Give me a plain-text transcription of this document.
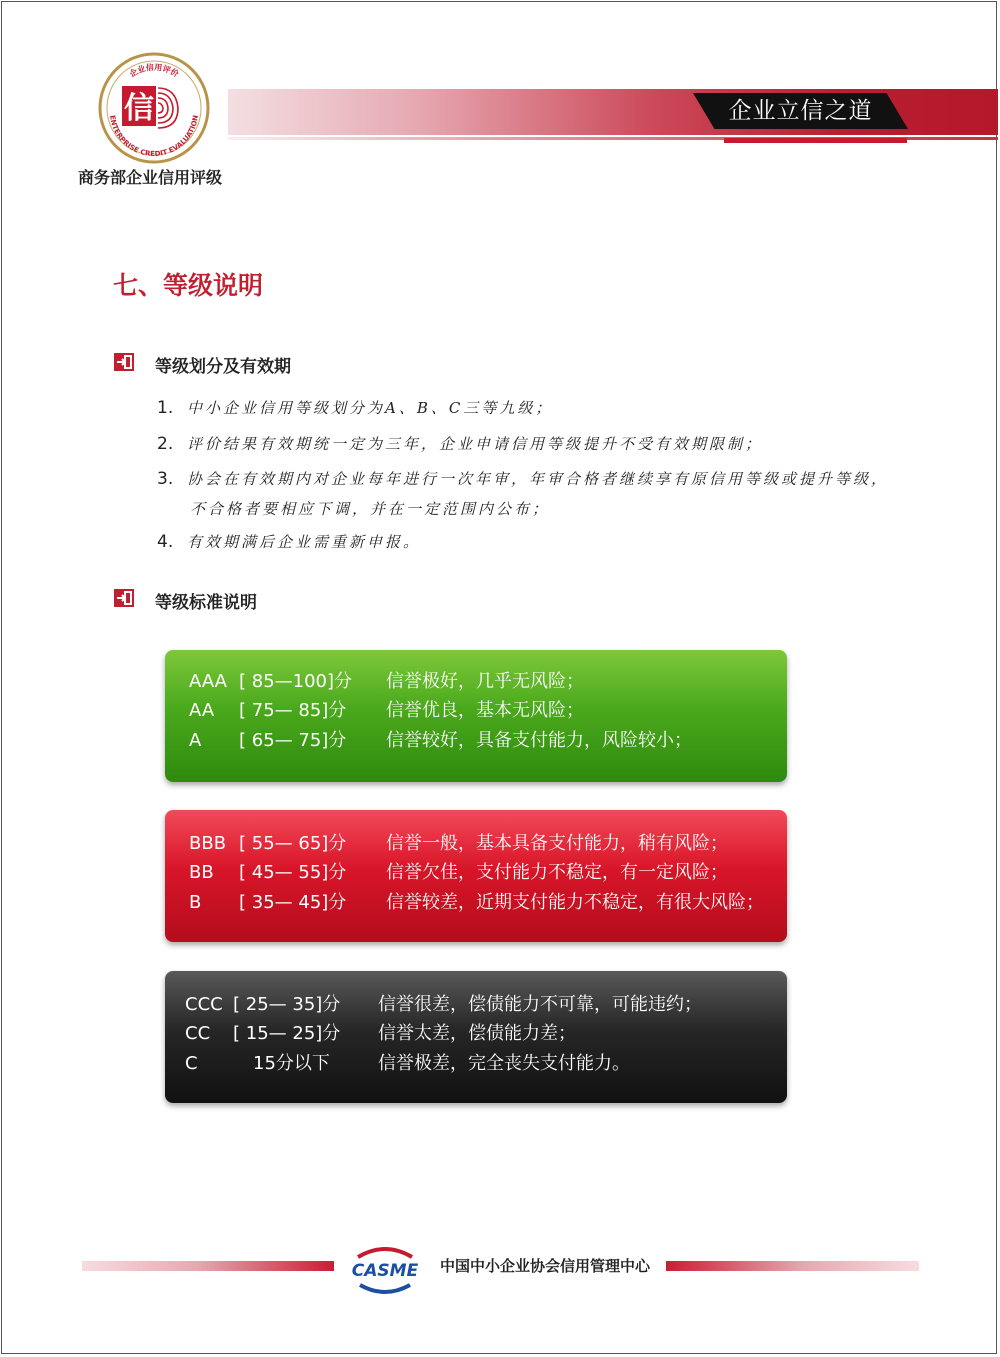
企业信用评价
ENTERPRISE CREDIT EVALUATION
信
商务部企业信用评级
企业立信之道
七、等级说明
等级划分及有效期
1. 中小企业信用等级划分为A、B、C三等九级；
2. 评价结果有效期统一定为三年，企业申请信用等级提升不受有效期限制；
3. 协会在有效期内对企业每年进行一次年审，年审合格者继续享有原信用等级或提升等级，
不合格者要相应下调，并在一定范围内公布；
4. 有效期满后企业需重新申报。
等级标准说明
AAA [ 85—100]分 信誉极好，几乎无风险；
AA [ 75— 85]分 信誉优良，基本无风险；
A [ 65— 75]分 信誉较好，具备支付能力，风险较小；
BBB [ 55— 65]分 信誉一般，基本具备支付能力，稍有风险；
BB [ 45— 55]分 信誉欠佳，支付能力不稳定，有一定风险；
B [ 35— 45]分 信誉较差，近期支付能力不稳定，有很大风险；
CCC [ 25— 35]分 信誉很差，偿债能力不可靠，可能违约；
CC [ 15— 25]分 信誉太差，偿债能力差；
C	15分以下	信誉极差，完全丧失支付能力。
CASME 中国中小企业协会信用管理中心
